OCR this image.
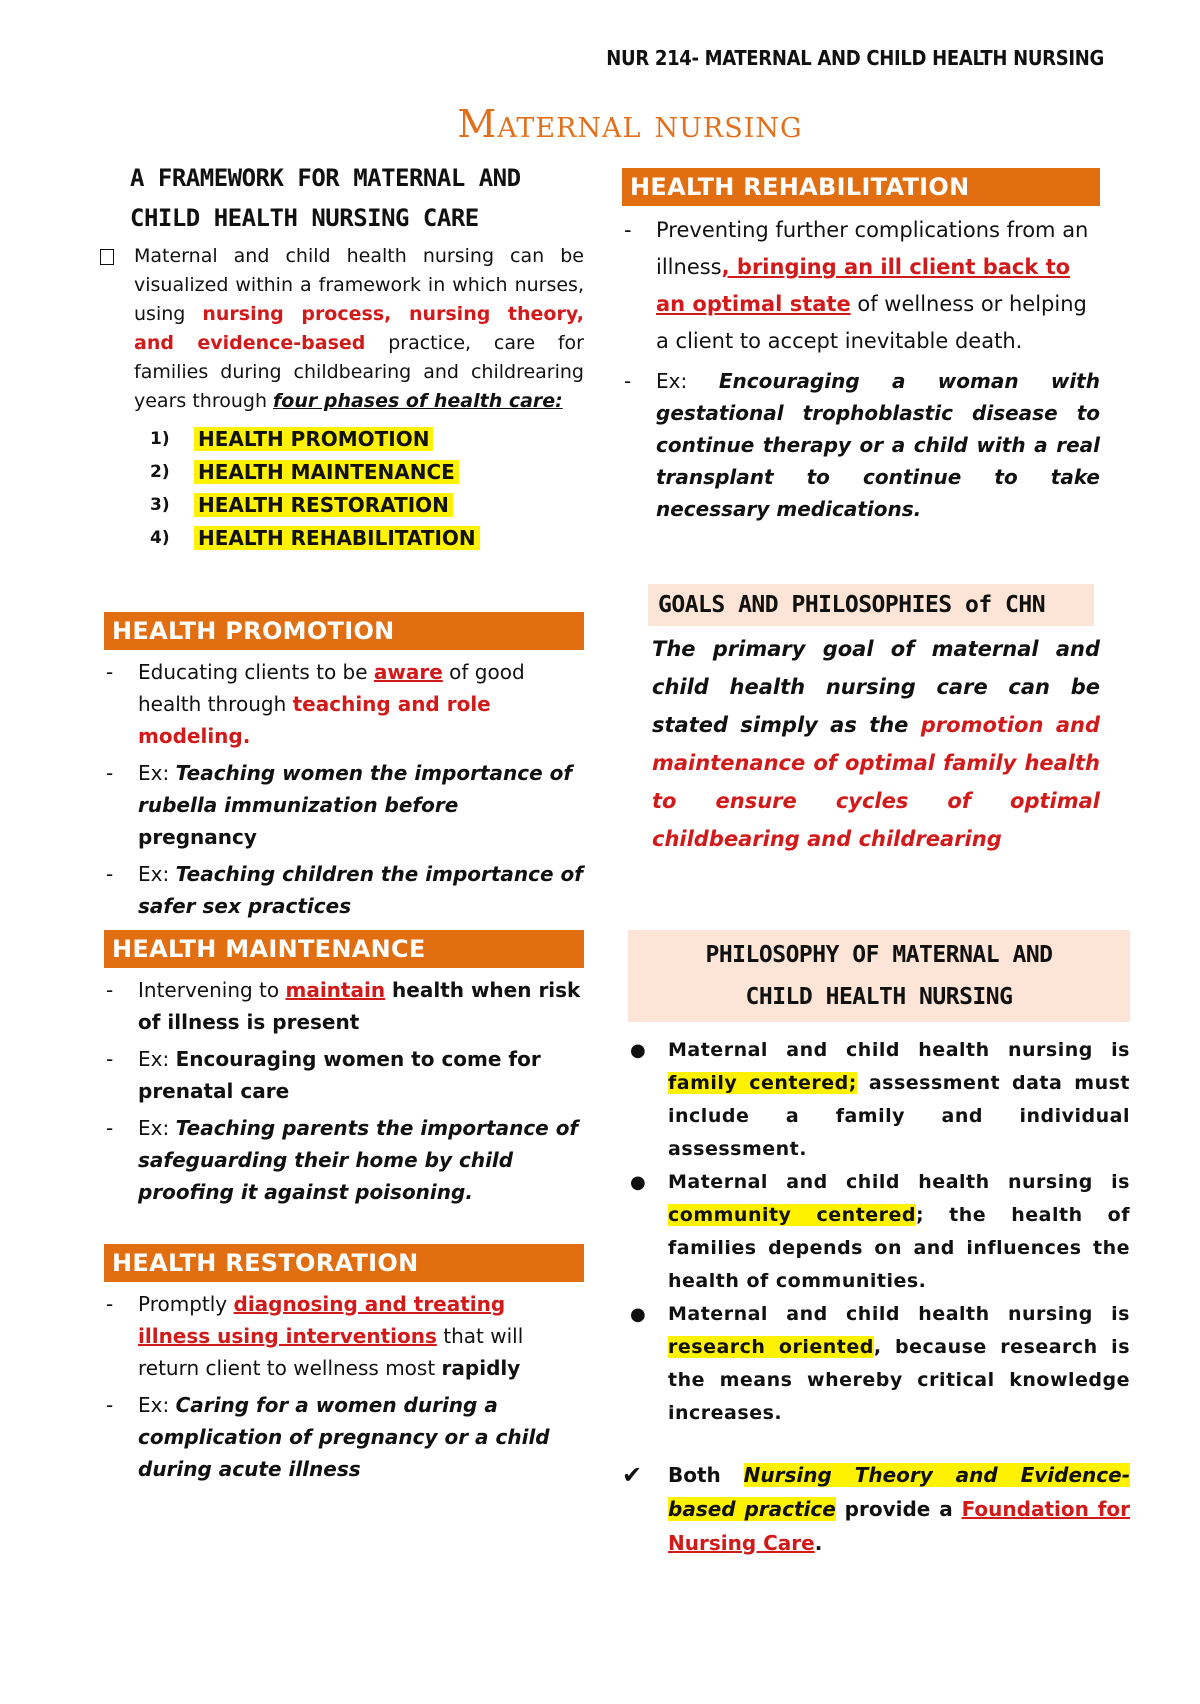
NUR 214- MATERNAL AND CHILD HEALTH NURSING
Maternal nursing
A FRAMEWORK FOR MATERNAL AND
CHILD HEALTH NURSING CARE
Maternal and child health nursing can be visualized within a framework in which nurses, using nursing process, nursing theory, and evidence-based practice, care for families during childbearing and childrearing years through four phases of health care:
1)	HEALTH PROMOTION
2)	HEALTH MAINTENANCE
3)	HEALTH RESTORATION
4)	HEALTH REHABILITATION
HEALTH PROMOTION
-	Educating clients to be aware of good health through teaching and role modeling.
-	Ex: Teaching women the importance of rubella immunization before pregnancy
-	Ex: Teaching children the importance of safer sex practices
HEALTH MAINTENANCE
-	Intervening to maintain health when risk of illness is present
-	Ex: Encouraging women to come for prenatal care
-	Ex: Teaching parents the importance of safeguarding their home by child proofing it against poisoning.
HEALTH RESTORATION
-	Promptly diagnosing and treating illness using interventions that will return client to wellness most rapidly
-	Ex: Caring for a women during a complication of pregnancy or a child during acute illness
HEALTH REHABILITATION
-	Preventing further complications from an illness, bringing an ill client back to an optimal state of wellness or helping a client to accept inevitable death.
-	Ex: Encouraging a woman with gestational trophoblastic disease to continue therapy or a child with a real transplant to continue to take necessary medications.
GOALS AND PHILOSOPHIES of CHN
The primary goal of maternal and child health nursing care can be stated simply as the promotion and maintenance of optimal family health to ensure cycles of optimal childbearing and childrearing
PHILOSOPHY OF MATERNAL AND
CHILD HEALTH NURSING
●	Maternal and child health nursing is family centered; assessment data must include a family and individual assessment.
●	Maternal and child health nursing is community centered; the health of families depends on and influences the health of communities.
●	Maternal and child health nursing is research oriented, because research is the means whereby critical knowledge increases.
✔	Both Nursing Theory and Evidence-based practice provide a Foundation for Nursing Care.
